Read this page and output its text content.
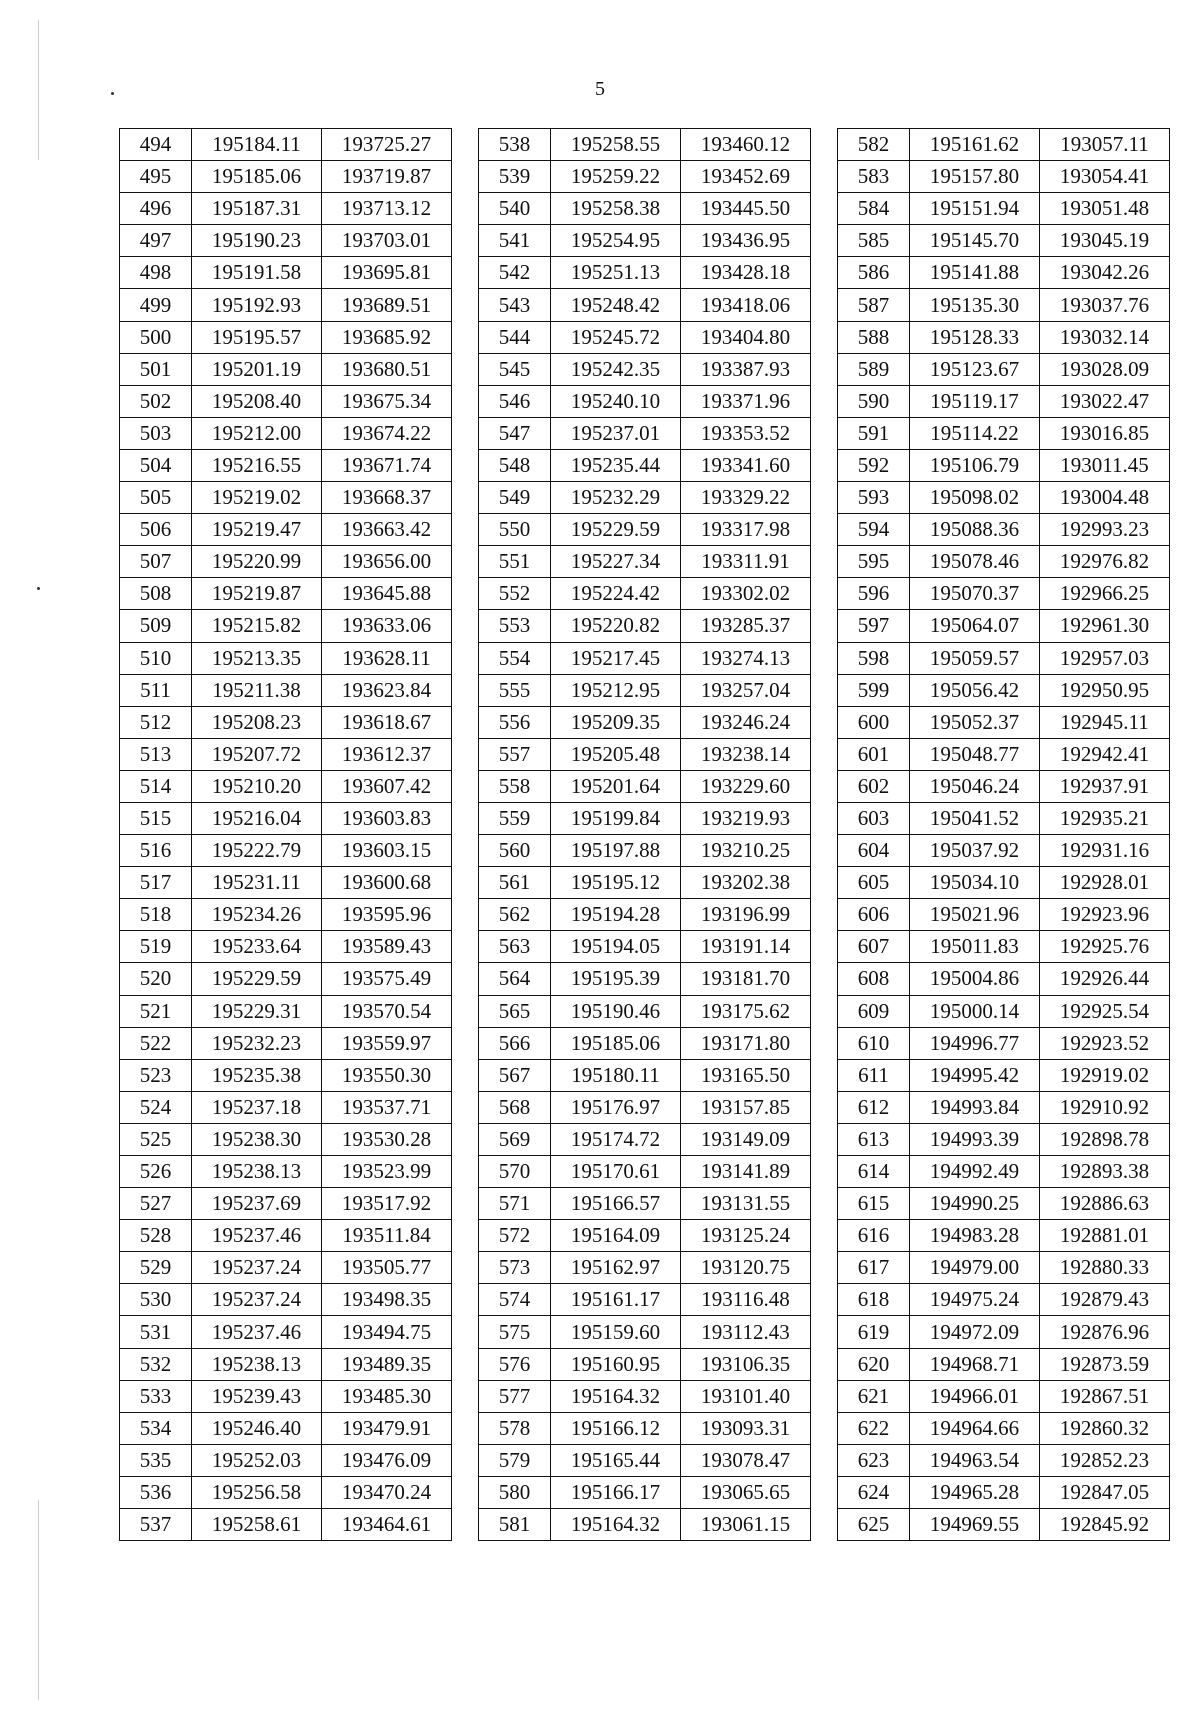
5
494	195184.11	193725.27
495	195185.06	193719.87
496	195187.31	193713.12
497	195190.23	193703.01
498	195191.58	193695.81
499	195192.93	193689.51
500	195195.57	193685.92
501	195201.19	193680.51
502	195208.40	193675.34
503	195212.00	193674.22
504	195216.55	193671.74
505	195219.02	193668.37
506	195219.47	193663.42
507	195220.99	193656.00
508	195219.87	193645.88
509	195215.82	193633.06
510	195213.35	193628.11
511	195211.38	193623.84
512	195208.23	193618.67
513	195207.72	193612.37
514	195210.20	193607.42
515	195216.04	193603.83
516	195222.79	193603.15
517	195231.11	193600.68
518	195234.26	193595.96
519	195233.64	193589.43
520	195229.59	193575.49
521	195229.31	193570.54
522	195232.23	193559.97
523	195235.38	193550.30
524	195237.18	193537.71
525	195238.30	193530.28
526	195238.13	193523.99
527	195237.69	193517.92
528	195237.46	193511.84
529	195237.24	193505.77
530	195237.24	193498.35
531	195237.46	193494.75
532	195238.13	193489.35
533	195239.43	193485.30
534	195246.40	193479.91
535	195252.03	193476.09
536	195256.58	193470.24
537	195258.61	193464.61
538	195258.55	193460.12
539	195259.22	193452.69
540	195258.38	193445.50
541	195254.95	193436.95
542	195251.13	193428.18
543	195248.42	193418.06
544	195245.72	193404.80
545	195242.35	193387.93
546	195240.10	193371.96
547	195237.01	193353.52
548	195235.44	193341.60
549	195232.29	193329.22
550	195229.59	193317.98
551	195227.34	193311.91
552	195224.42	193302.02
553	195220.82	193285.37
554	195217.45	193274.13
555	195212.95	193257.04
556	195209.35	193246.24
557	195205.48	193238.14
558	195201.64	193229.60
559	195199.84	193219.93
560	195197.88	193210.25
561	195195.12	193202.38
562	195194.28	193196.99
563	195194.05	193191.14
564	195195.39	193181.70
565	195190.46	193175.62
566	195185.06	193171.80
567	195180.11	193165.50
568	195176.97	193157.85
569	195174.72	193149.09
570	195170.61	193141.89
571	195166.57	193131.55
572	195164.09	193125.24
573	195162.97	193120.75
574	195161.17	193116.48
575	195159.60	193112.43
576	195160.95	193106.35
577	195164.32	193101.40
578	195166.12	193093.31
579	195165.44	193078.47
580	195166.17	193065.65
581	195164.32	193061.15
582	195161.62	193057.11
583	195157.80	193054.41
584	195151.94	193051.48
585	195145.70	193045.19
586	195141.88	193042.26
587	195135.30	193037.76
588	195128.33	193032.14
589	195123.67	193028.09
590	195119.17	193022.47
591	195114.22	193016.85
592	195106.79	193011.45
593	195098.02	193004.48
594	195088.36	192993.23
595	195078.46	192976.82
596	195070.37	192966.25
597	195064.07	192961.30
598	195059.57	192957.03
599	195056.42	192950.95
600	195052.37	192945.11
601	195048.77	192942.41
602	195046.24	192937.91
603	195041.52	192935.21
604	195037.92	192931.16
605	195034.10	192928.01
606	195021.96	192923.96
607	195011.83	192925.76
608	195004.86	192926.44
609	195000.14	192925.54
610	194996.77	192923.52
611	194995.42	192919.02
612	194993.84	192910.92
613	194993.39	192898.78
614	194992.49	192893.38
615	194990.25	192886.63
616	194983.28	192881.01
617	194979.00	192880.33
618	194975.24	192879.43
619	194972.09	192876.96
620	194968.71	192873.59
621	194966.01	192867.51
622	194964.66	192860.32
623	194963.54	192852.23
624	194965.28	192847.05
625	194969.55	192845.92
